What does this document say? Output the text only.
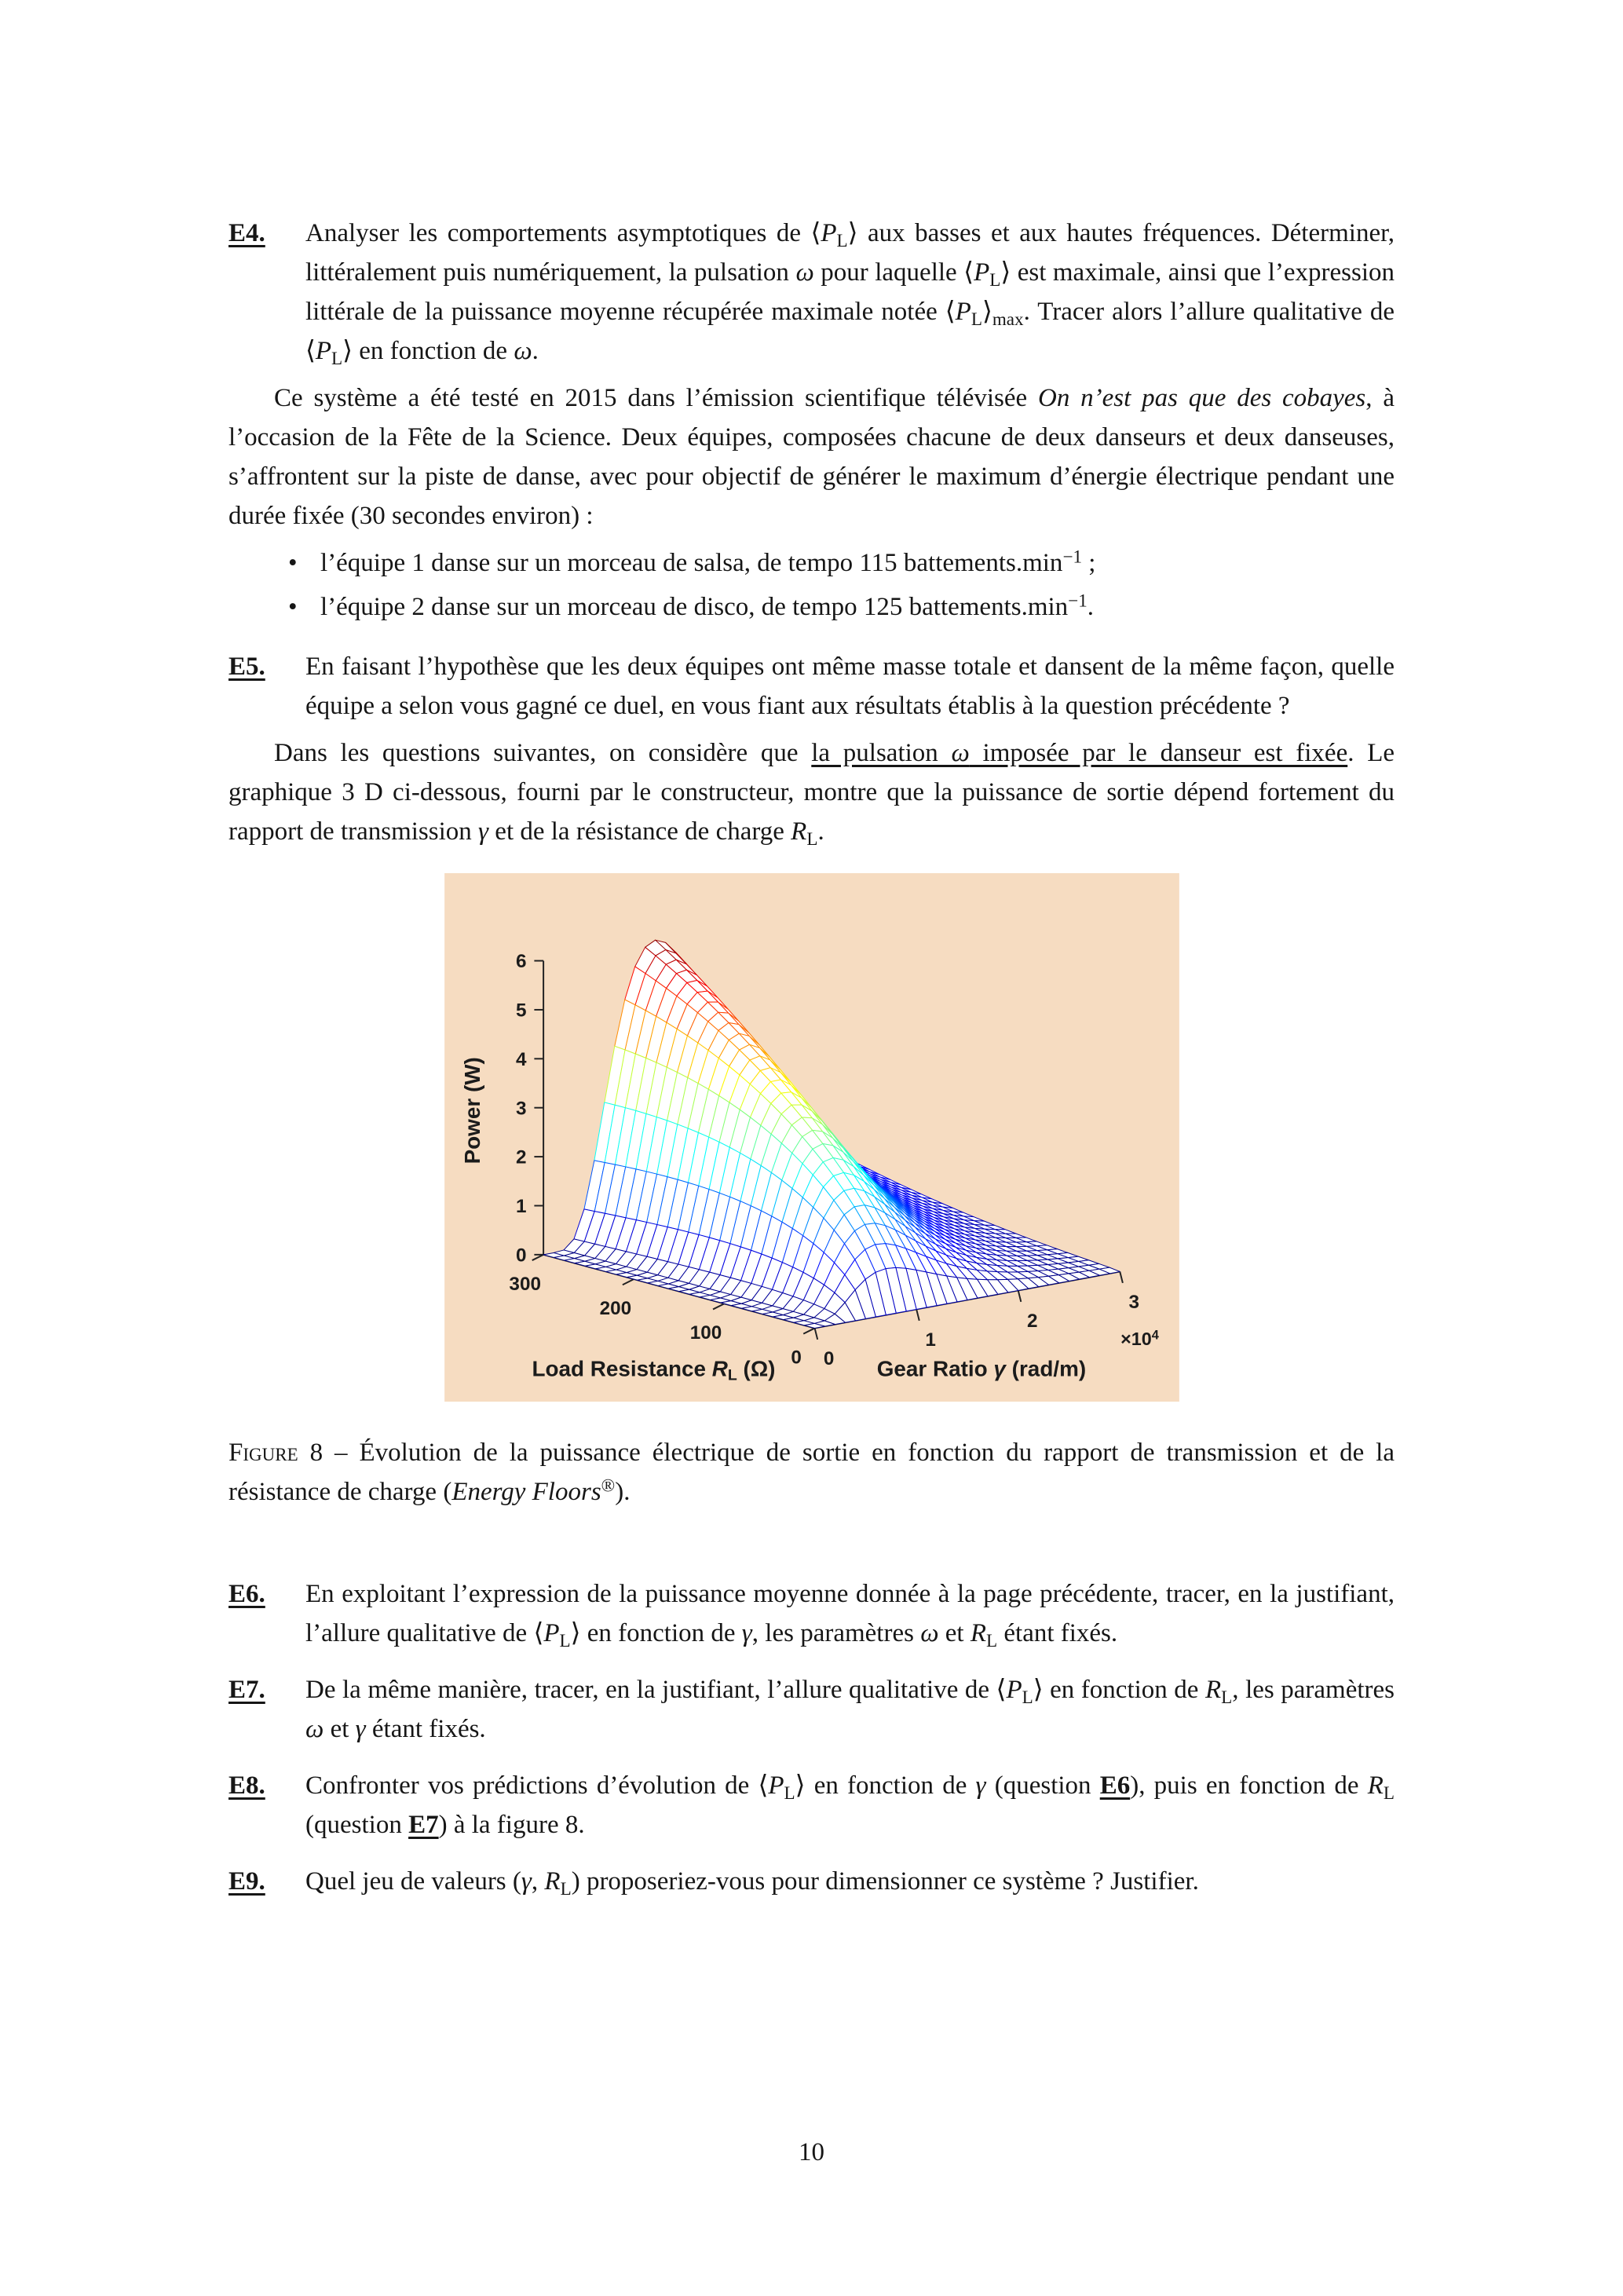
E4. Analyser les comportements asymptotiques de $⟨P_L⟩$ aux basses et aux hautes fréquences. Déterminer, littéralement puis numériquement, la pulsation ω pour laquelle $⟨P_L⟩$ est maximale, ainsi que l’expression littérale de la puissance moyenne récupérée maximale notée $⟨P_L⟩_{max}$. Tracer alors l’allure qualitative de $⟨P_L⟩$ en fonction de ω.
Ce système a été testé en 2015 dans l’émission scientifique télévisée On n’est pas que des cobayes, à l’occasion de la Fête de la Science. Deux équipes, composées chacune de deux danseurs et deux danseuses, s’affrontent sur la piste de danse, avec pour objectif de générer le maximum d’énergie électrique pendant une durée fixée (30 secondes environ) :
• l’équipe 1 danse sur un morceau de salsa, de tempo 115 $battements.\min^{-1}$ ;
• l’équipe 2 danse sur un morceau de disco, de tempo 125 $battements.\min^{-1}$.
E5. En faisant l’hypothèse que les deux équipes ont même masse totale et dansent de la même façon, quelle équipe a selon vous gagné ce duel, en vous fiant aux résultats établis à la question précédente ?
Dans les questions suivantes, on considère que la pulsation ω imposée par le danseur est fixée. Le graphique 3 D ci-dessous, fourni par le constructeur, montre que la puissance de sortie dépend fortement du rapport de transmission γ et de la résistance de charge $R_L$.
0
1
2
3
4
5
6
0
1
2
3
0
100
200
300
Power (W)
Gear Ratio γ (rad/m)
Load Resistance RL (Ω)
$\times 10^4$
Figure 8 – Évolution de la puissance électrique de sortie en fonction du rapport de transmission et de la résistance de charge (Energy Floors®).
E6. En exploitant l’expression de la puissance moyenne donnée à la page précédente, tracer, en la justifiant, l’allure qualitative de $⟨P_L⟩$ en fonction de γ, les paramètres ω et $R_L$ étant fixés.
E7. De la même manière, tracer, en la justifiant, l’allure qualitative de $⟨P_L⟩$ en fonction de $R_L$, les paramètres ω et γ étant fixés.
E8. Confronter vos prédictions d’évolution de $⟨P_L⟩$ en fonction de γ (question E6), puis en fonction de $R_L$ (question E7) à la figure 8.
E9. Quel jeu de valeurs (γ, $R_L$) proposeriez-vous pour dimensionner ce système ? Justifier.
10
